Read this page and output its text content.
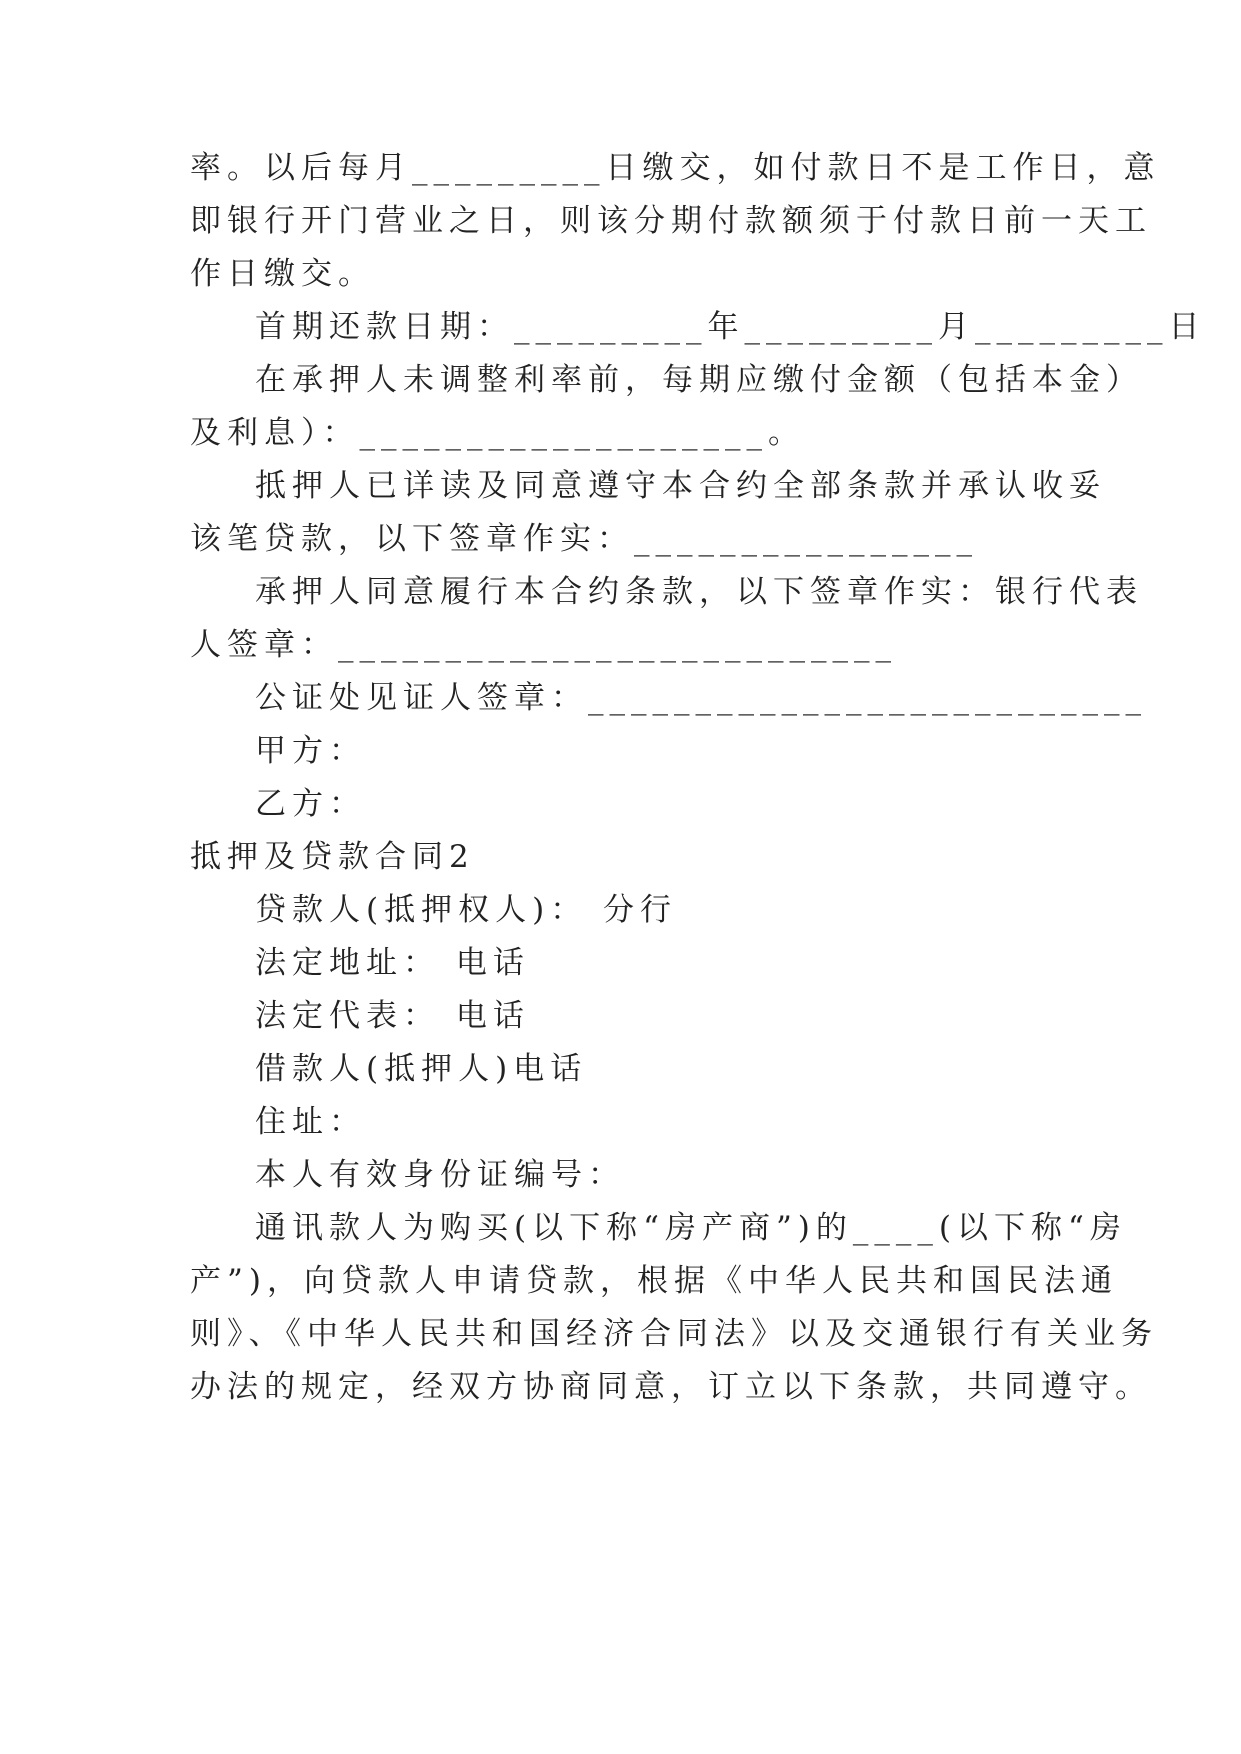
率。以后每月_________日缴交，如付款日不是工作日，意
即银行开门营业之日，则该分期付款额须于付款日前一天工
作日缴交。
首期还款日期：_________年_________月_________日
在承押人未调整利率前，每期应缴付金额（包括本金）
及利息）：___________________。
抵押人已详读及同意遵守本合约全部条款并承认收妥
该笔贷款，以下签章作实：________________
承押人同意履行本合约条款，以下签章作实：银行代表
人签章：__________________________
公证处见证人签章：__________________________
甲方：
乙方：
抵押及贷款合同2
贷款人(抵押权人)： 分行
法定地址： 电话
法定代表： 电话
借款人(抵押人)电话
住址：
本人有效身份证编号：
通讯款人为购买(以下称“房产商”)的____(以下称“房
产”)，向贷款人申请贷款，根据《中华人民共和国民法通
则》、《中华人民共和国经济合同法》以及交通银行有关业务
办法的规定，经双方协商同意，订立以下条款，共同遵守。
